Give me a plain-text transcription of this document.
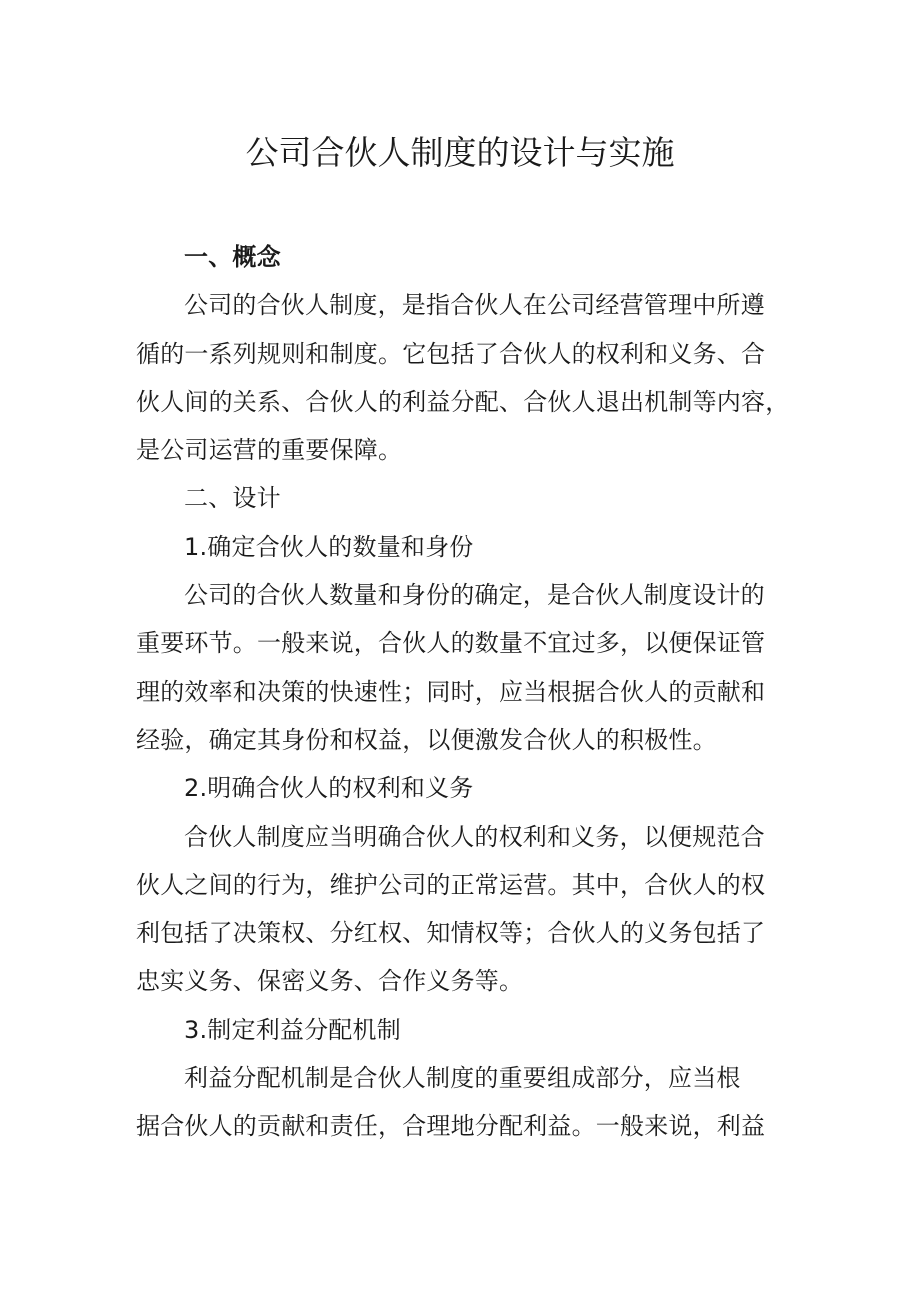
公司合伙人制度的设计与实施

一、概念

公司的合伙人制度，是指合伙人在公司经营管理中所遵
循的一系列规则和制度。它包括了合伙人的权利和义务、合
伙人间的关系、合伙人的利益分配、合伙人退出机制等内容，
是公司运营的重要保障。

二、设计

1.确定合伙人的数量和身份

公司的合伙人数量和身份的确定，是合伙人制度设计的
重要环节。一般来说，合伙人的数量不宜过多，以便保证管
理的效率和决策的快速性；同时，应当根据合伙人的贡献和
经验，确定其身份和权益，以便激发合伙人的积极性。

2.明确合伙人的权利和义务

合伙人制度应当明确合伙人的权利和义务，以便规范合
伙人之间的行为，维护公司的正常运营。其中，合伙人的权
利包括了决策权、分红权、知情权等；合伙人的义务包括了
忠实义务、保密义务、合作义务等。

3.制定利益分配机制

利益分配机制是合伙人制度的重要组成部分，应当根
据合伙人的贡献和责任，合理地分配利益。一般来说，利益
